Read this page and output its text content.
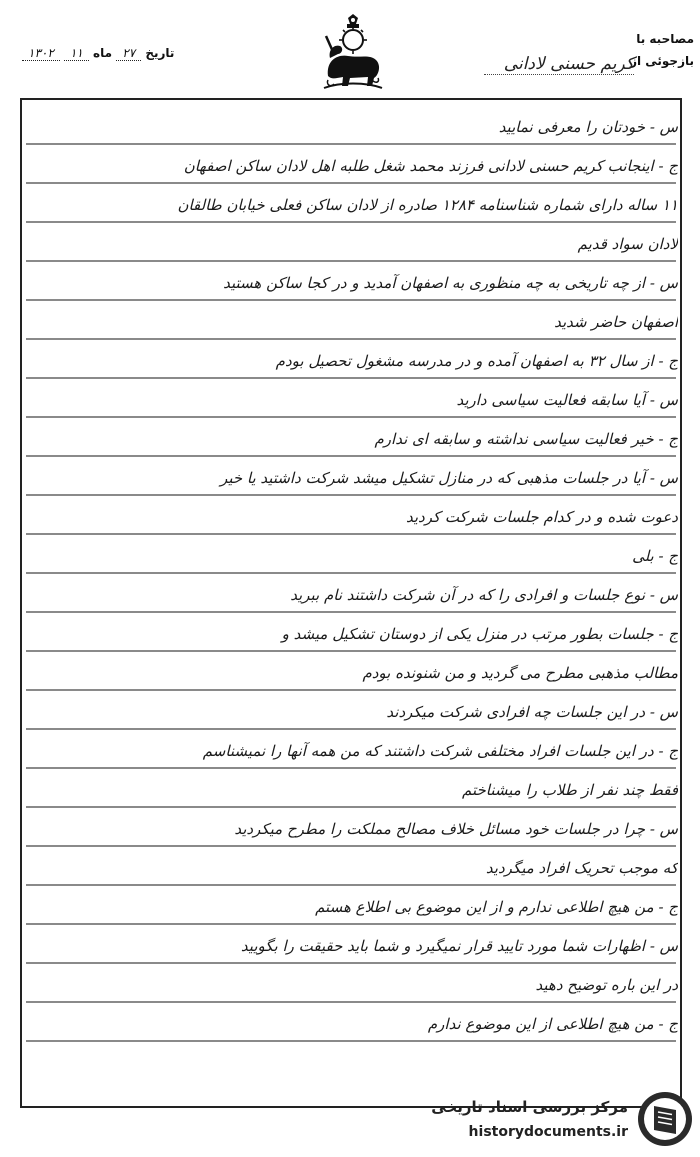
تاریخ ۲۷ ماه ۱۱ ۱۳۰۲
مصاحبه با
بازجوئی از
کریم حسنی لادانی
س - خودتان را معرفی نمایید
ج - اینجانب کریم حسنی لادانی فرزند محمد شغل طلبه اهل لادان ساکن اصفهان
۱۱ ساله دارای شماره شناسنامه ۱۲۸۴ صادره از لادان ساکن فعلی خیابان طالقان
لادان سواد قدیم
س - از چه تاریخی به چه منظوری به اصفهان آمدید و در کجا ساکن هستید
اصفهان حاضر شدید
ج - از سال ۳۲ به اصفهان آمده و در مدرسه مشغول تحصیل بودم
س - آیا سابقه فعالیت سیاسی دارید
ج - خیر فعالیت سیاسی نداشته و سابقه ای ندارم
س - آیا در جلسات مذهبی که در منازل تشکیل میشد شرکت داشتید یا خیر
دعوت شده و در کدام جلسات شرکت کردید
ج - بلی
س - نوع جلسات و افرادی را که در آن شرکت داشتند نام ببرید
ج - جلسات بطور مرتب در منزل یکی از دوستان تشکیل میشد و
مطالب مذهبی مطرح می گردید و من شنونده بودم
س - در این جلسات چه افرادی شرکت میکردند
ج - در این جلسات افراد مختلفی شرکت داشتند که من همه آنها را نمیشناسم
فقط چند نفر از طلاب را میشناختم
س - چرا در جلسات خود مسائل خلاف مصالح مملکت را مطرح میکردید
که موجب تحریک افراد میگردید
ج - من هیچ اطلاعی ندارم و از این موضوع بی اطلاع هستم
س - اظهارات شما مورد تایید قرار نمیگیرد و شما باید حقیقت را بگویید
در این باره توضیح دهید
ج - من هیچ اطلاعی از این موضوع ندارم
مرکز بررسی اسناد تاریخی
historydocuments.ir
